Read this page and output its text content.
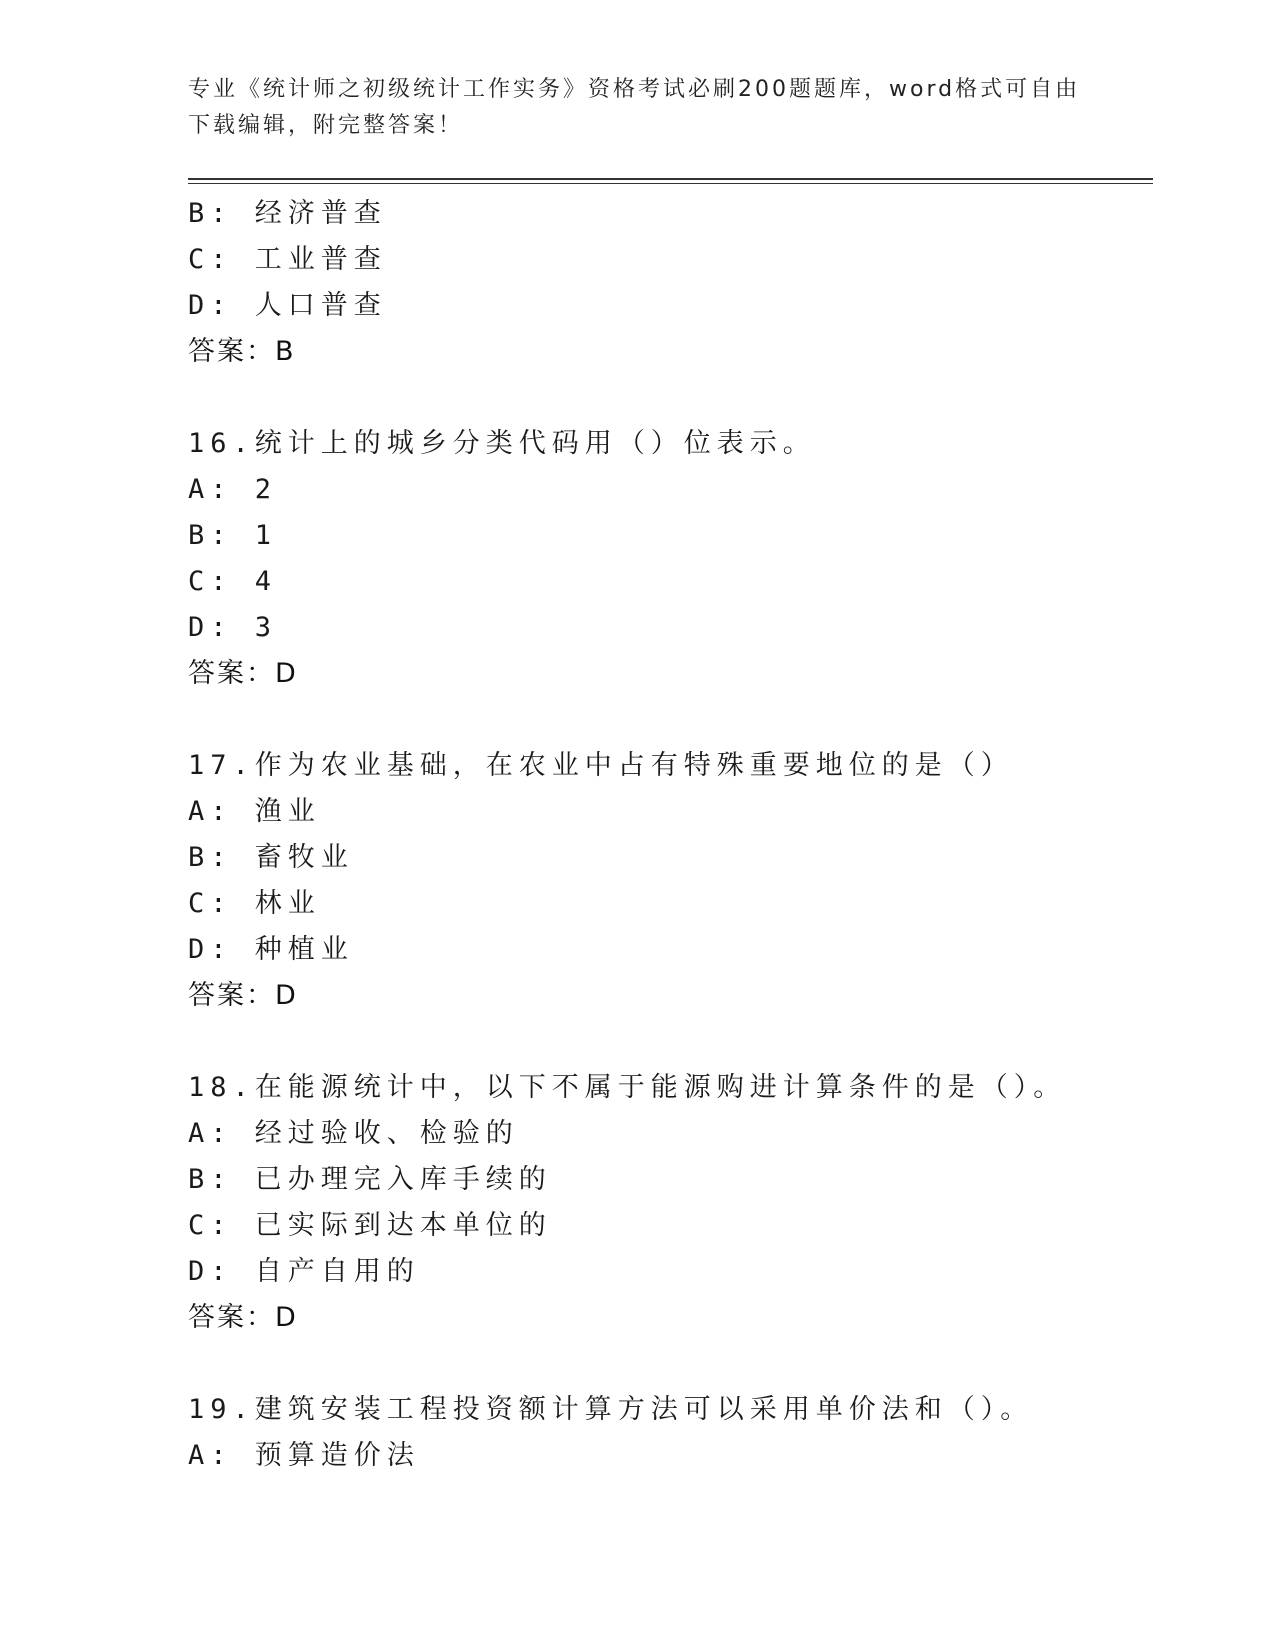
专业《统计师之初级统计工作实务》资格考试必刷200题题库，word格式可自由
下载编辑，附完整答案！
B: 经济普查
C: 工业普查
D: 人口普查
答案：B
16.统计上的城乡分类代码用（）位表示。
A: 2
B: 1
C: 4
D: 3
答案：D
17.作为农业基础，在农业中占有特殊重要地位的是（）
A: 渔业
B: 畜牧业
C: 林业
D: 种植业
答案：D
18.在能源统计中，以下不属于能源购进计算条件的是（）。
A: 经过验收、检验的
B: 已办理完入库手续的
C: 已实际到达本单位的
D: 自产自用的
答案：D
19.建筑安装工程投资额计算方法可以采用单价法和（）。
A: 预算造价法
